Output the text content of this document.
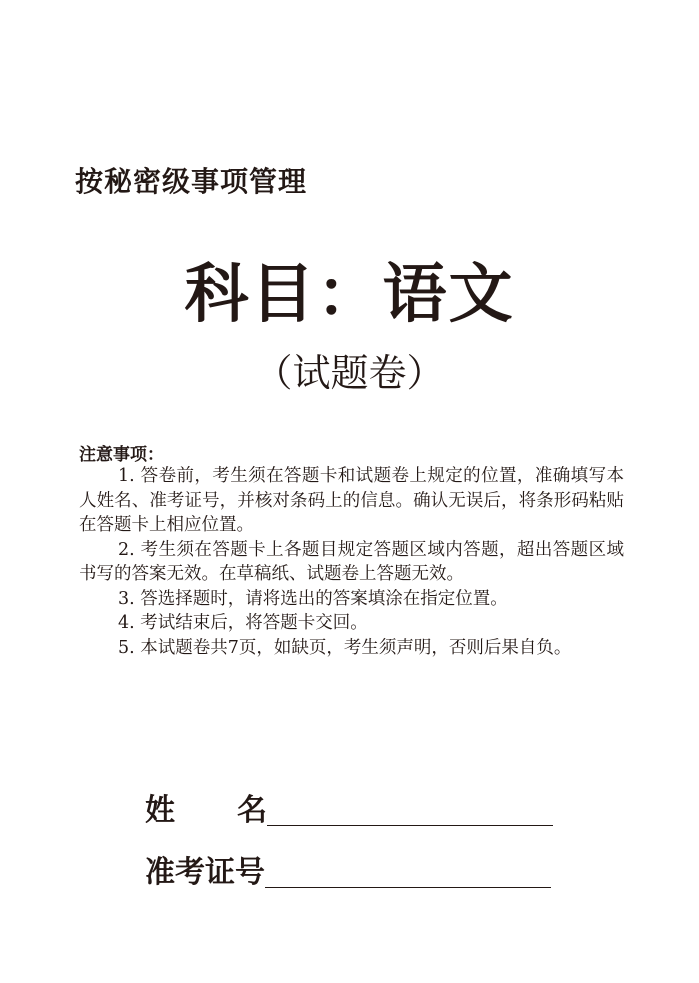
按秘密级事项管理
科目：语文
（试题卷）
注意事项：

1. 答卷前，考生须在答题卡和试题卷上规定的位置，准确填写本人姓名、准考证号，并核对条码上的信息。确认无误后，将条形码粘贴在答题卡上相应位置。

2. 考生须在答题卡上各题目规定答题区域内答题，超出答题区域书写的答案无效。在草稿纸、试题卷上答题无效。

3. 答选择题时，请将选出的答案填涂在指定位置。

4. 考试结束后，将答题卡交回。

5. 本试题卷共7页，如缺页，考生须声明，否则后果自负。

姓 名
准考证号
